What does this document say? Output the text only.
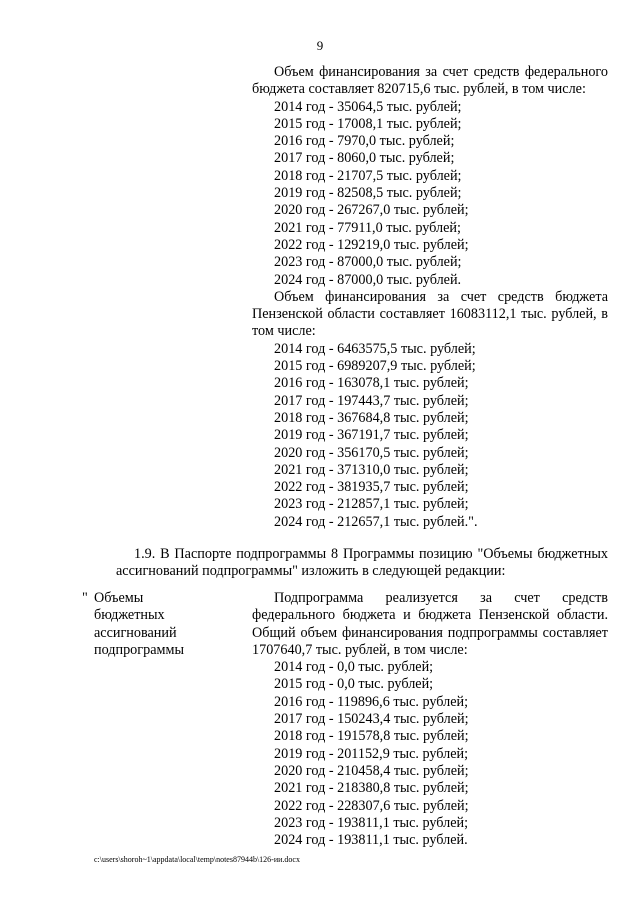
9

Объем финансирования за счет средств федерального бюджета составляет 820715,6 тыс. рублей, в том числе:

2014 год - 35064,5 тыс. рублей;
2015 год - 17008,1 тыс. рублей;
2016 год - 7970,0 тыс. рублей;
2017 год - 8060,0 тыс. рублей;
2018 год - 21707,5 тыс. рублей;
2019 год - 82508,5 тыс. рублей;
2020 год - 267267,0 тыс. рублей;
2021 год - 77911,0 тыс. рублей;
2022 год - 129219,0 тыс. рублей;
2023 год - 87000,0 тыс. рублей;
2024 год - 87000,0 тыс. рублей.

Объем финансирования за счет средств бюджета Пензенской области составляет 16083112,1 тыс. рублей, в том числе:

2014 год - 6463575,5 тыс. рублей;
2015 год - 6989207,9 тыс. рублей;
2016 год - 163078,1 тыс. рублей;
2017 год - 197443,7 тыс. рублей;
2018 год - 367684,8 тыс. рублей;
2019 год - 367191,7 тыс. рублей;
2020 год - 356170,5 тыс. рублей;
2021 год - 371310,0 тыс. рублей;
2022 год - 381935,7 тыс. рублей;
2023 год - 212857,1 тыс. рублей;
2024 год - 212657,1 тыс. рублей.".

1.9. В Паспорте подпрограммы 8 Программы позицию "Объемы бюджетных ассигнований подпрограммы" изложить в следующей редакции:

" Объемы
бюджетных
ассигнований
подпрограммы

Подпрограмма реализуется за счет средств федерального бюджета и бюджета Пензенской области. Общий объем финансирования подпрограммы составляет 1707640,7 тыс. рублей, в том числе:

2014 год - 0,0 тыс. рублей;
2015 год - 0,0 тыс. рублей;
2016 год - 119896,6 тыс. рублей;
2017 год - 150243,4 тыс. рублей;
2018 год - 191578,8 тыс. рублей;
2019 год - 201152,9 тыс. рублей;
2020 год - 210458,4 тыс. рублей;
2021 год - 218380,8 тыс. рублей;
2022 год - 228307,6 тыс. рублей;
2023 год - 193811,1 тыс. рублей;
2024 год - 193811,1 тыс. рублей.
c:\users\shoroh~1\appdata\local\temp\notes87944b\126-ии.docx
